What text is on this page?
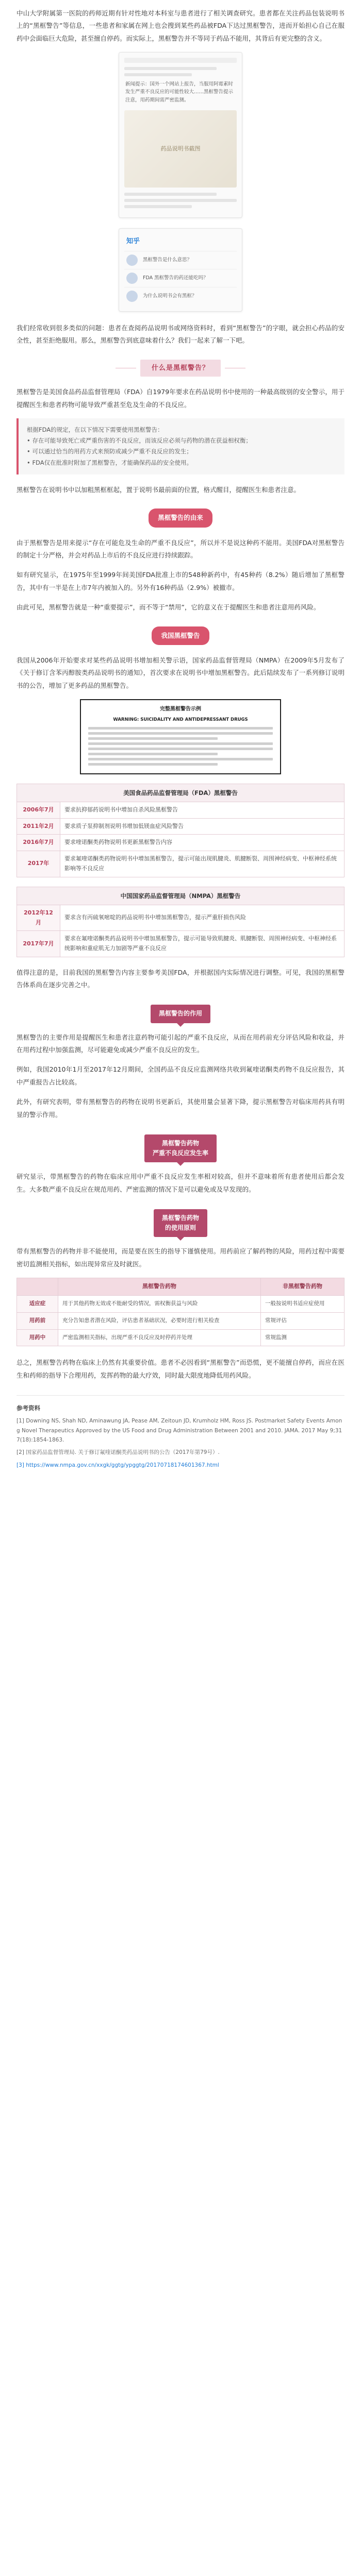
中山大学附属第一医院的药师近期有针对性地对本科室与患者进行了相关调查研究。患者都在关注药品包装说明书上的“黑框警告”等信息，一些患者和家属在网上也会搜到某些药品被FDA下达过黑框警告，进而开始担心自己在服药中会面临巨大危险，甚至擅自停药。而实际上，黑框警告并不等同于药品不能用，其背后有更完整的含义。

新闻提示：国外一个网站上报告，当服用阿霉素时发生严重不良反应的可能性较大……黑框警告提示注意，用药期间需严密监测。
药品说明书截图
知乎
黑框警告是什么意思？
FDA 黑框警告的药还能吃吗？
为什么说明书会有黑框？

我们经常收到很多类似的问题：患者在查阅药品说明书或网络资料时，看到“黑框警告”的字眼，就会担心药品的安全性，甚至拒绝服用。那么，黑框警告到底意味着什么？我们一起来了解一下吧。

什么是黑框警告？

黑框警告是美国食品药品监督管理局（FDA）自1979年要求在药品说明书中使用的一种最高级别的安全警示，用于提醒医生和患者药物可能导致严重甚至危及生命的不良反应。

根据FDA的规定，在以下情况下需要使用黑框警告：
• 存在可能导致死亡或严重伤害的不良反应，而该反应必须与药物的潜在获益相权衡；
• 可以通过恰当的用药方式来预防或减少严重不良反应的发生；
• FDA仅在批准时附加了黑框警告，才能确保药品的安全使用。

黑框警告在说明书中以加粗黑框框起，置于说明书最前面的位置，格式醒目，提醒医生和患者注意。

黑框警告的由来

由于黑框警告是用来提示“存在可能危及生命的严重不良反应”，所以并不是说这种药不能用。美国FDA对黑框警告的制定十分严格，并会对药品上市后的不良反应进行持续跟踪。

如有研究显示，在1975年至1999年间美国FDA批准上市的548种新药中，有45种药（8.2%）随后增加了黑框警告，其中有一半是在上市7年内被加入的。另外有16种药品（2.9%）被撤市。

由此可见，黑框警告就是一种“重要提示”，而不等于“禁用”，它的意义在于提醒医生和患者注意用药风险。

我国黑框警告

我国从2006年开始要求对某些药品说明书增加相关警示语，国家药品监督管理局（NMPA）在2009年5月发布了《关于修订含苯丙醇胺类药品说明书的通知》，首次要求在说明书中增加黑框警告。此后陆续发布了一系列修订说明书的公告，增加了更多药品的黑框警告。

完整黑框警告示例
WARNING: SUICIDALITY AND ANTIDEPRESSANT DRUGS
美国食品药品监督管理局（FDA）黑框警告
2006年7月	要求抗抑郁药说明书中增加自杀风险黑框警告
2011年2月	要求质子泵抑制剂说明书增加低镁血症风险警告
2016年7月	要求喹诺酮类药物说明书更新黑框警告内容
2017年	要求氟喹诺酮类药物说明书中增加黑框警告，提示可能出现肌腱炎、肌腱断裂、周围神经病变、中枢神经系统影响等不良反应
中国国家药品监督管理局（NMPA）黑框警告
2012年12月	要求含有丙硫氧嘧啶的药品说明书中增加黑框警告，提示严重肝损伤风险
2017年7月	要求在氟喹诺酮类药品说明书中增加黑框警告，提示可能导致肌腱炎、肌腱断裂、周围神经病变、中枢神经系统影响和重症肌无力加剧等严重不良反应

值得注意的是，目前我国的黑框警告内容主要参考美国FDA，并根据国内实际情况进行调整。可见，我国的黑框警告体系尚在逐步完善之中。

黑框警告的作用

黑框警告的主要作用是提醒医生和患者注意药物可能引起的严重不良反应，从而在用药前充分评估风险和收益，并在用药过程中加强监测，尽可能避免或减少严重不良反应的发生。

例如，我国2010年1月至2017年12月期间，全国药品不良反应监测网络共收到氟喹诺酮类药物不良反应报告，其中严重报告占比较高。

此外，有研究表明，带有黑框警告的药物在说明书更新后，其使用量会显著下降，提示黑框警告对临床用药具有明显的警示作用。

黑框警告药物
严重不良反应发生率

研究显示，带黑框警告的药物在临床应用中严重不良反应发生率相对较高，但并不意味着所有患者使用后都会发生。大多数严重不良反应在规范用药、严密监测的情况下是可以避免或及早发现的。

黑框警告药物
的使用原则

带有黑框警告的药物并非不能使用，而是要在医生的指导下谨慎使用。用药前应了解药物的风险，用药过程中需要密切监测相关指标，如出现异常应及时就医。

	黑框警告药物	非黑框警告药物
适应症	用于其他药物无效或不能耐受的情况，需权衡获益与风险	一般按说明书适应症使用
用药前	充分告知患者潜在风险，评估患者基础状况，必要时进行相关检查	常规评估
用药中	严密监测相关指标，出现严重不良反应及时停药并处理	常规监测

总之，黑框警告药物在临床上仍然有其重要价值。患者不必因看到“黑框警告”而恐慌，更不能擅自停药，而应在医生和药师的指导下合理用药，发挥药物的最大疗效，同时最大限度地降低用药风险。

参考资料
[1] Downing NS, Shah ND, Aminawung JA, Pease AM, Zeitoun JD, Krumholz HM, Ross JS. Postmarket Safety Events Among Novel Therapeutics Approved by the US Food and Drug Administration Between 2001 and 2010. JAMA. 2017 May 9;317(18):1854-1863.
[2] 国家药品监督管理局. 关于修订氟喹诺酮类药品说明书的公告（2017年第79号）.
[3] https://www.nmpa.gov.cn/xxgk/ggtg/ypggtg/20170718174601367.html
